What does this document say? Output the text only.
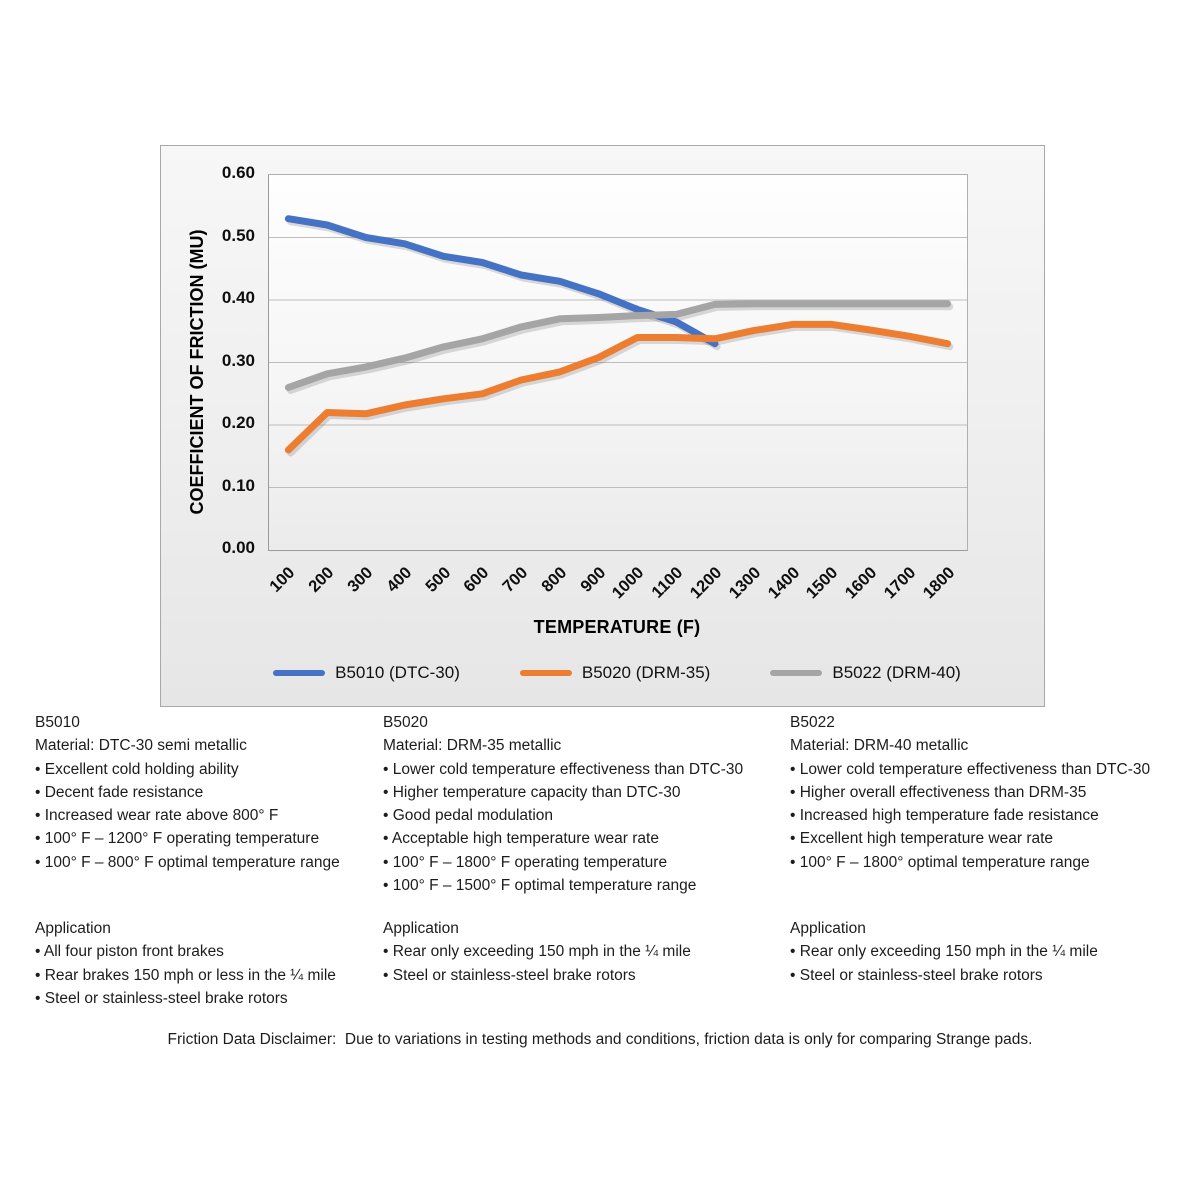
COEFFICIENT OF FRICTION (MU)
0.00
0.10
0.20
0.30
0.40
0.50
0.60
100 200 300 400 500 600 700 800 900 1000 1100 1200 1300 1400 1500 1600 1700 1800
TEMPERATURE (F)
B5010 (DTC-30)	B5020 (DRM-35)	B5022 (DRM-40)
B5010
Material: DTC-30 semi metallic
• Excellent cold holding ability
• Decent fade resistance
• Increased wear rate above 800° F
• 100° F – 1200° F operating temperature
• 100° F – 800° F optimal temperature range
B5020
Material: DRM-35 metallic
• Lower cold temperature effectiveness than DTC-30
• Higher temperature capacity than DTC-30
• Good pedal modulation
• Acceptable high temperature wear rate
• 100° F – 1800° F operating temperature
• 100° F – 1500° F optimal temperature range
B5022
Material: DRM-40 metallic
• Lower cold temperature effectiveness than DTC-30
• Higher overall effectiveness than DRM-35
• Increased high temperature fade resistance
• Excellent high temperature wear rate
• 100° F – 1800° optimal temperature range
Application
• All four piston front brakes
• Rear brakes 150 mph or less in the ¼ mile
• Steel or stainless-steel brake rotors
Application
• Rear only exceeding 150 mph in the ¼ mile
• Steel or stainless-steel brake rotors
Application
• Rear only exceeding 150 mph in the ¼ mile
• Steel or stainless-steel brake rotors
Friction Data Disclaimer:  Due to variations in testing methods and conditions, friction data is only for comparing Strange pads.
